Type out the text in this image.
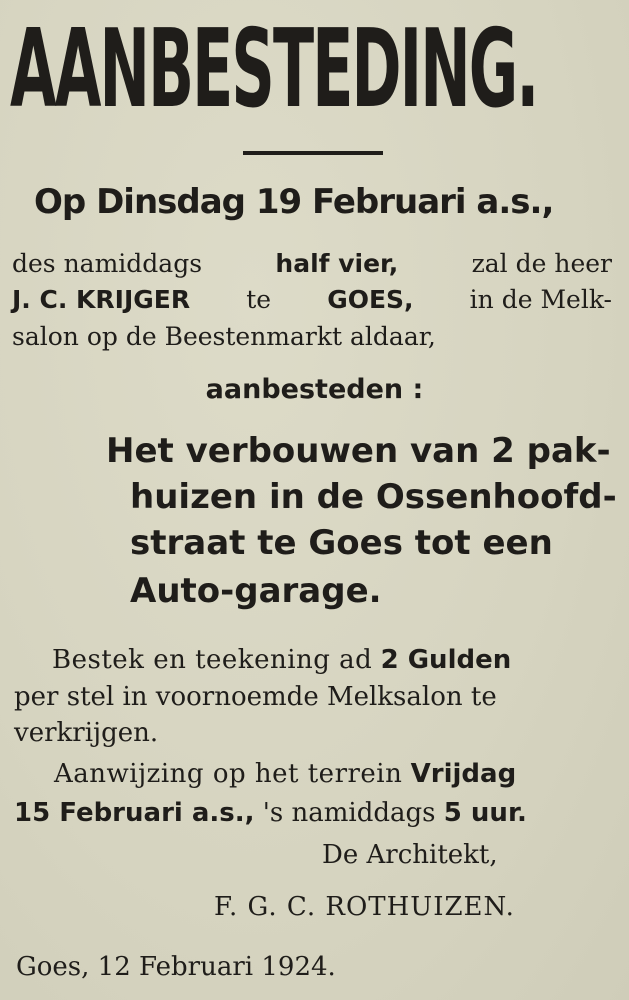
AANBESTEDING.
Op Dinsdag 19 Februari a.s.,
des namiddags	half vier,	zal de heer
J. C. KRIJGER te GOES, in de Melk-
salon op de Beestenmarkt aldaar,
aanbesteden :
Het verbouwen van 2 pak-
huizen in de Ossenhoofd-
straat te Goes tot een
Auto-garage.
Bestek en teekening ad 2 Gulden
per stel in voornoemde Melksalon te
verkrijgen.
Aanwijzing op het terrein Vrijdag
15 Februari a.s., 's namiddags 5 uur.
De Architekt,
F. G. C. ROTHUIZEN.
Goes, 12 Februari 1924.
